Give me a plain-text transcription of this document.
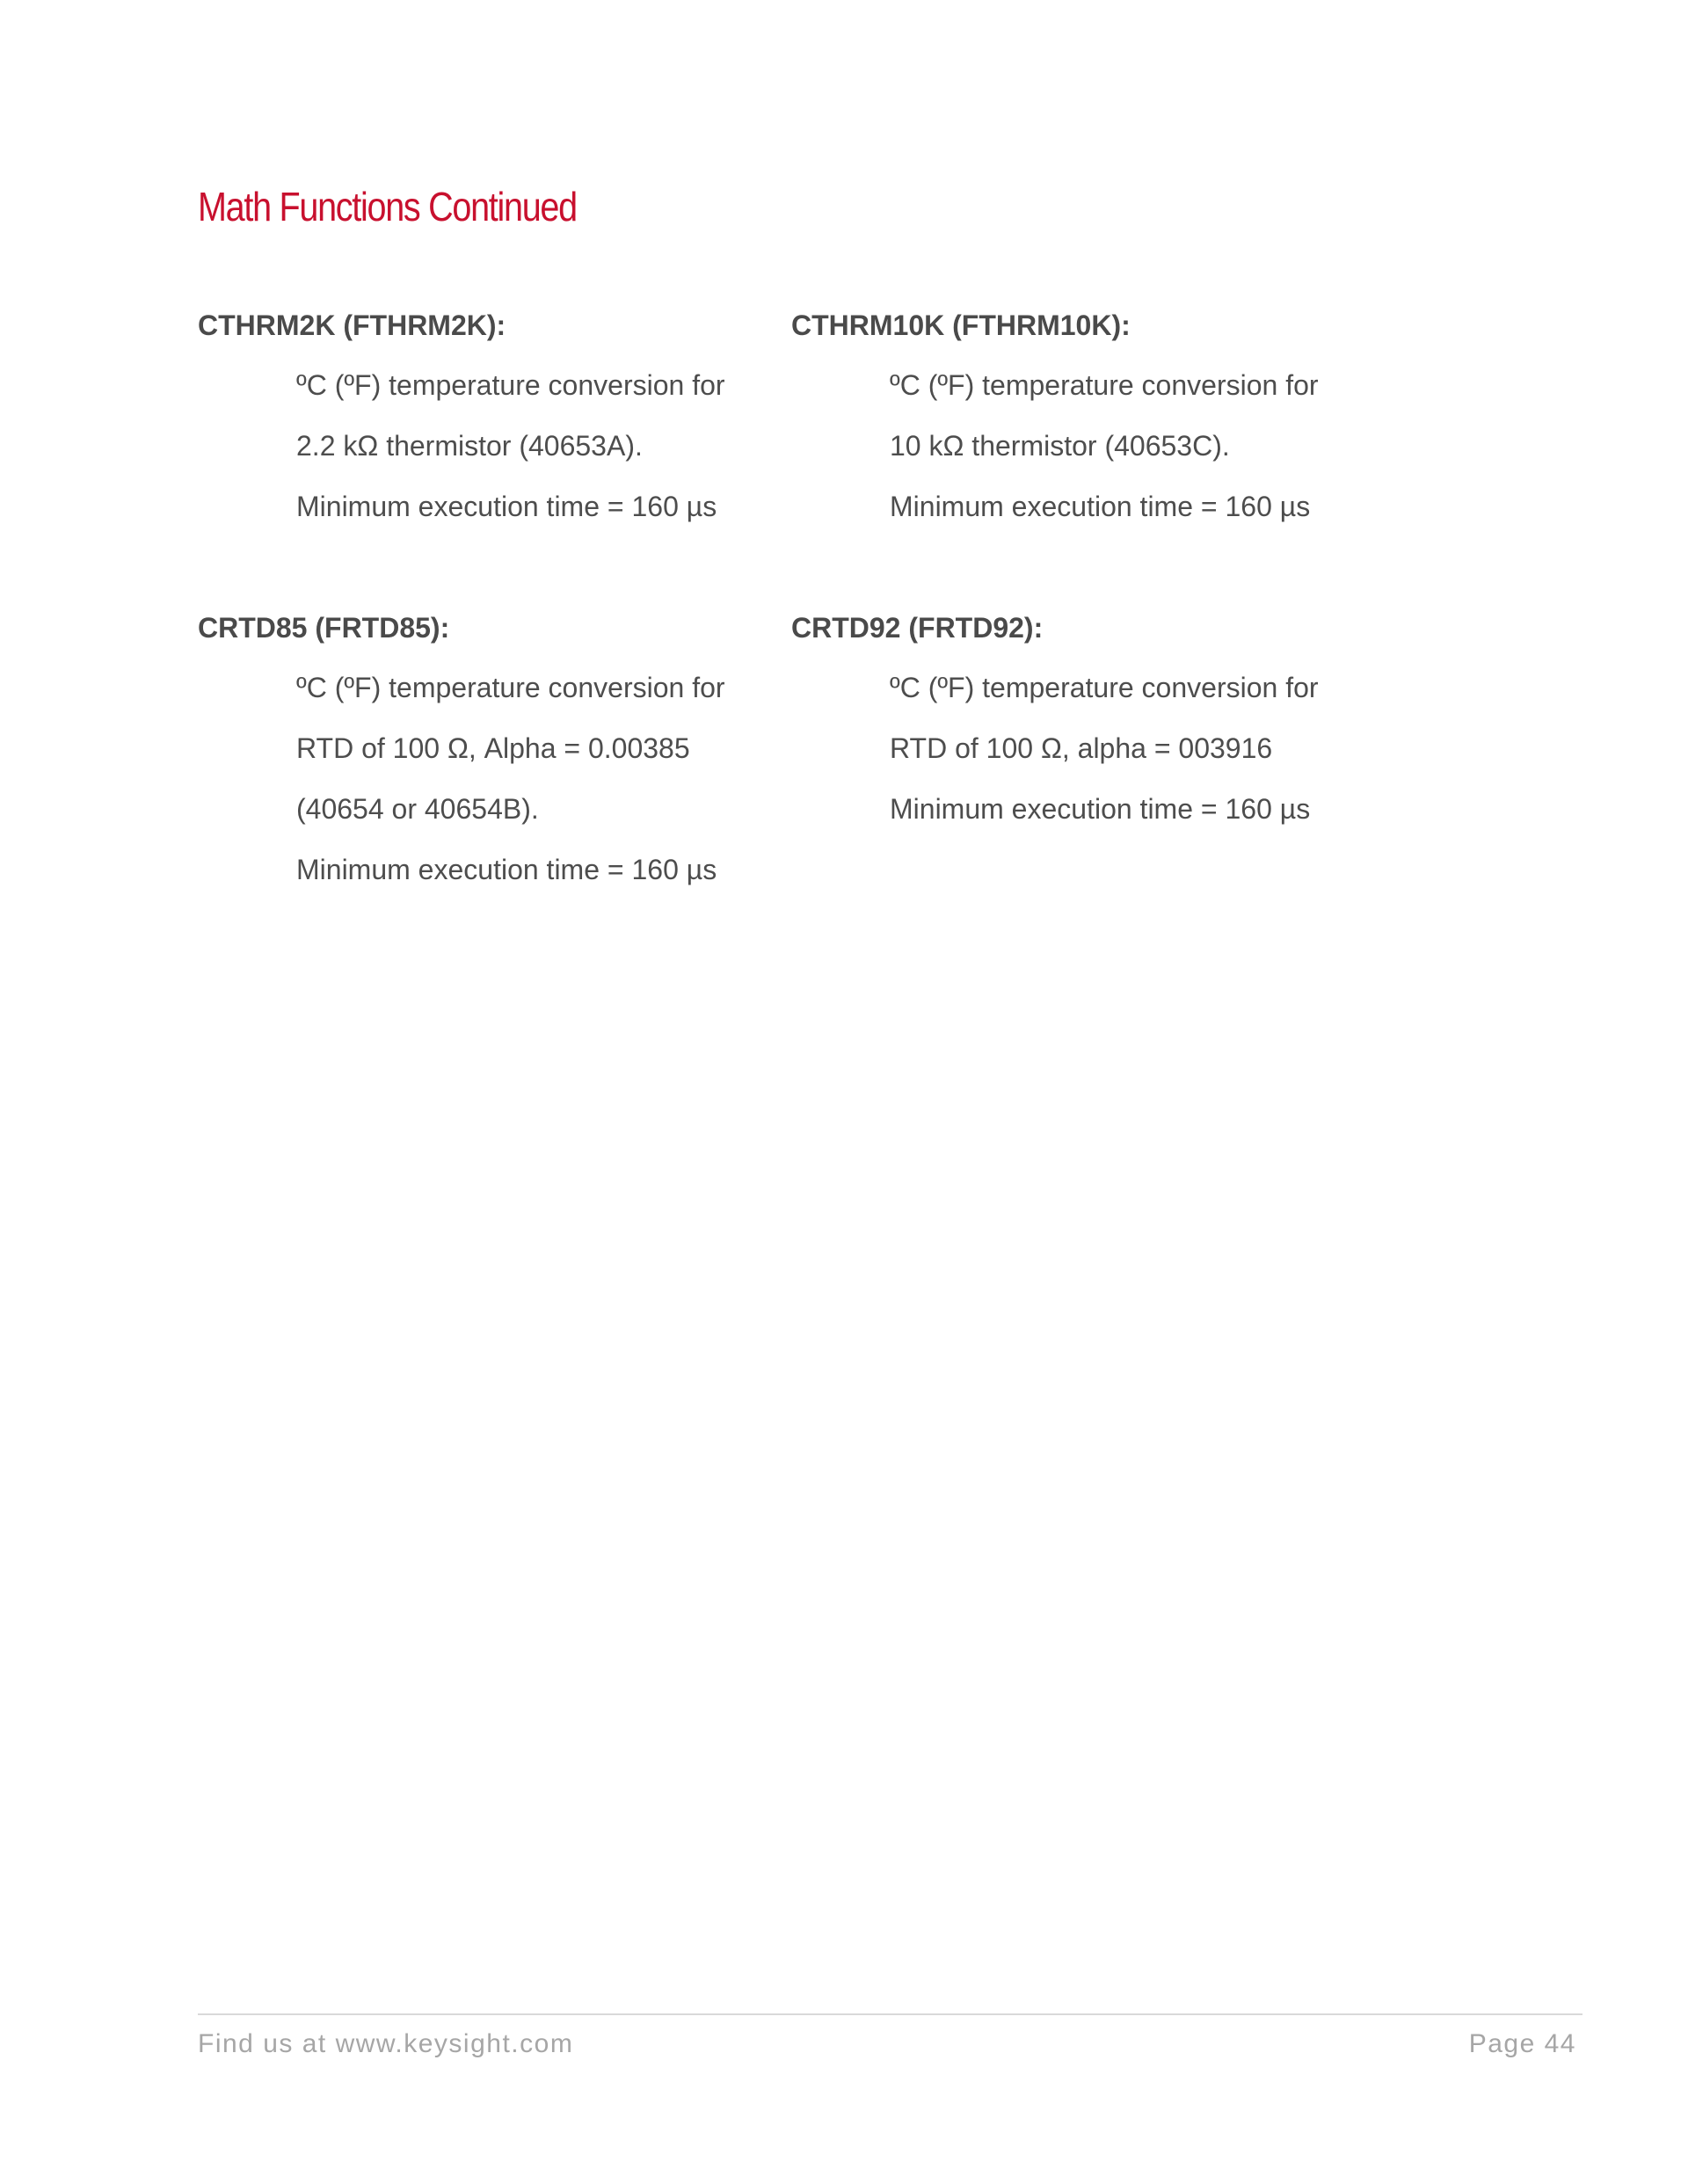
Math Functions Continued

CTHRM2K (FTHRM2K):

ºC (ºF) temperature conversion for
2.2 kΩ thermistor (40653A).
Minimum execution time = 160 µs

CTHRM10K (FTHRM10K):

ºC (ºF) temperature conversion for
10 kΩ thermistor (40653C).
Minimum execution time = 160 µs

CRTD85 (FRTD85):

ºC (ºF) temperature conversion for
RTD of 100 Ω, Alpha = 0.00385
(40654 or 40654B).
Minimum execution time = 160 µs

CRTD92 (FRTD92):

ºC (ºF) temperature conversion for
RTD of 100 Ω, alpha = 003916
Minimum execution time = 160 µs
Find us at www.keysight.com	Page 44
